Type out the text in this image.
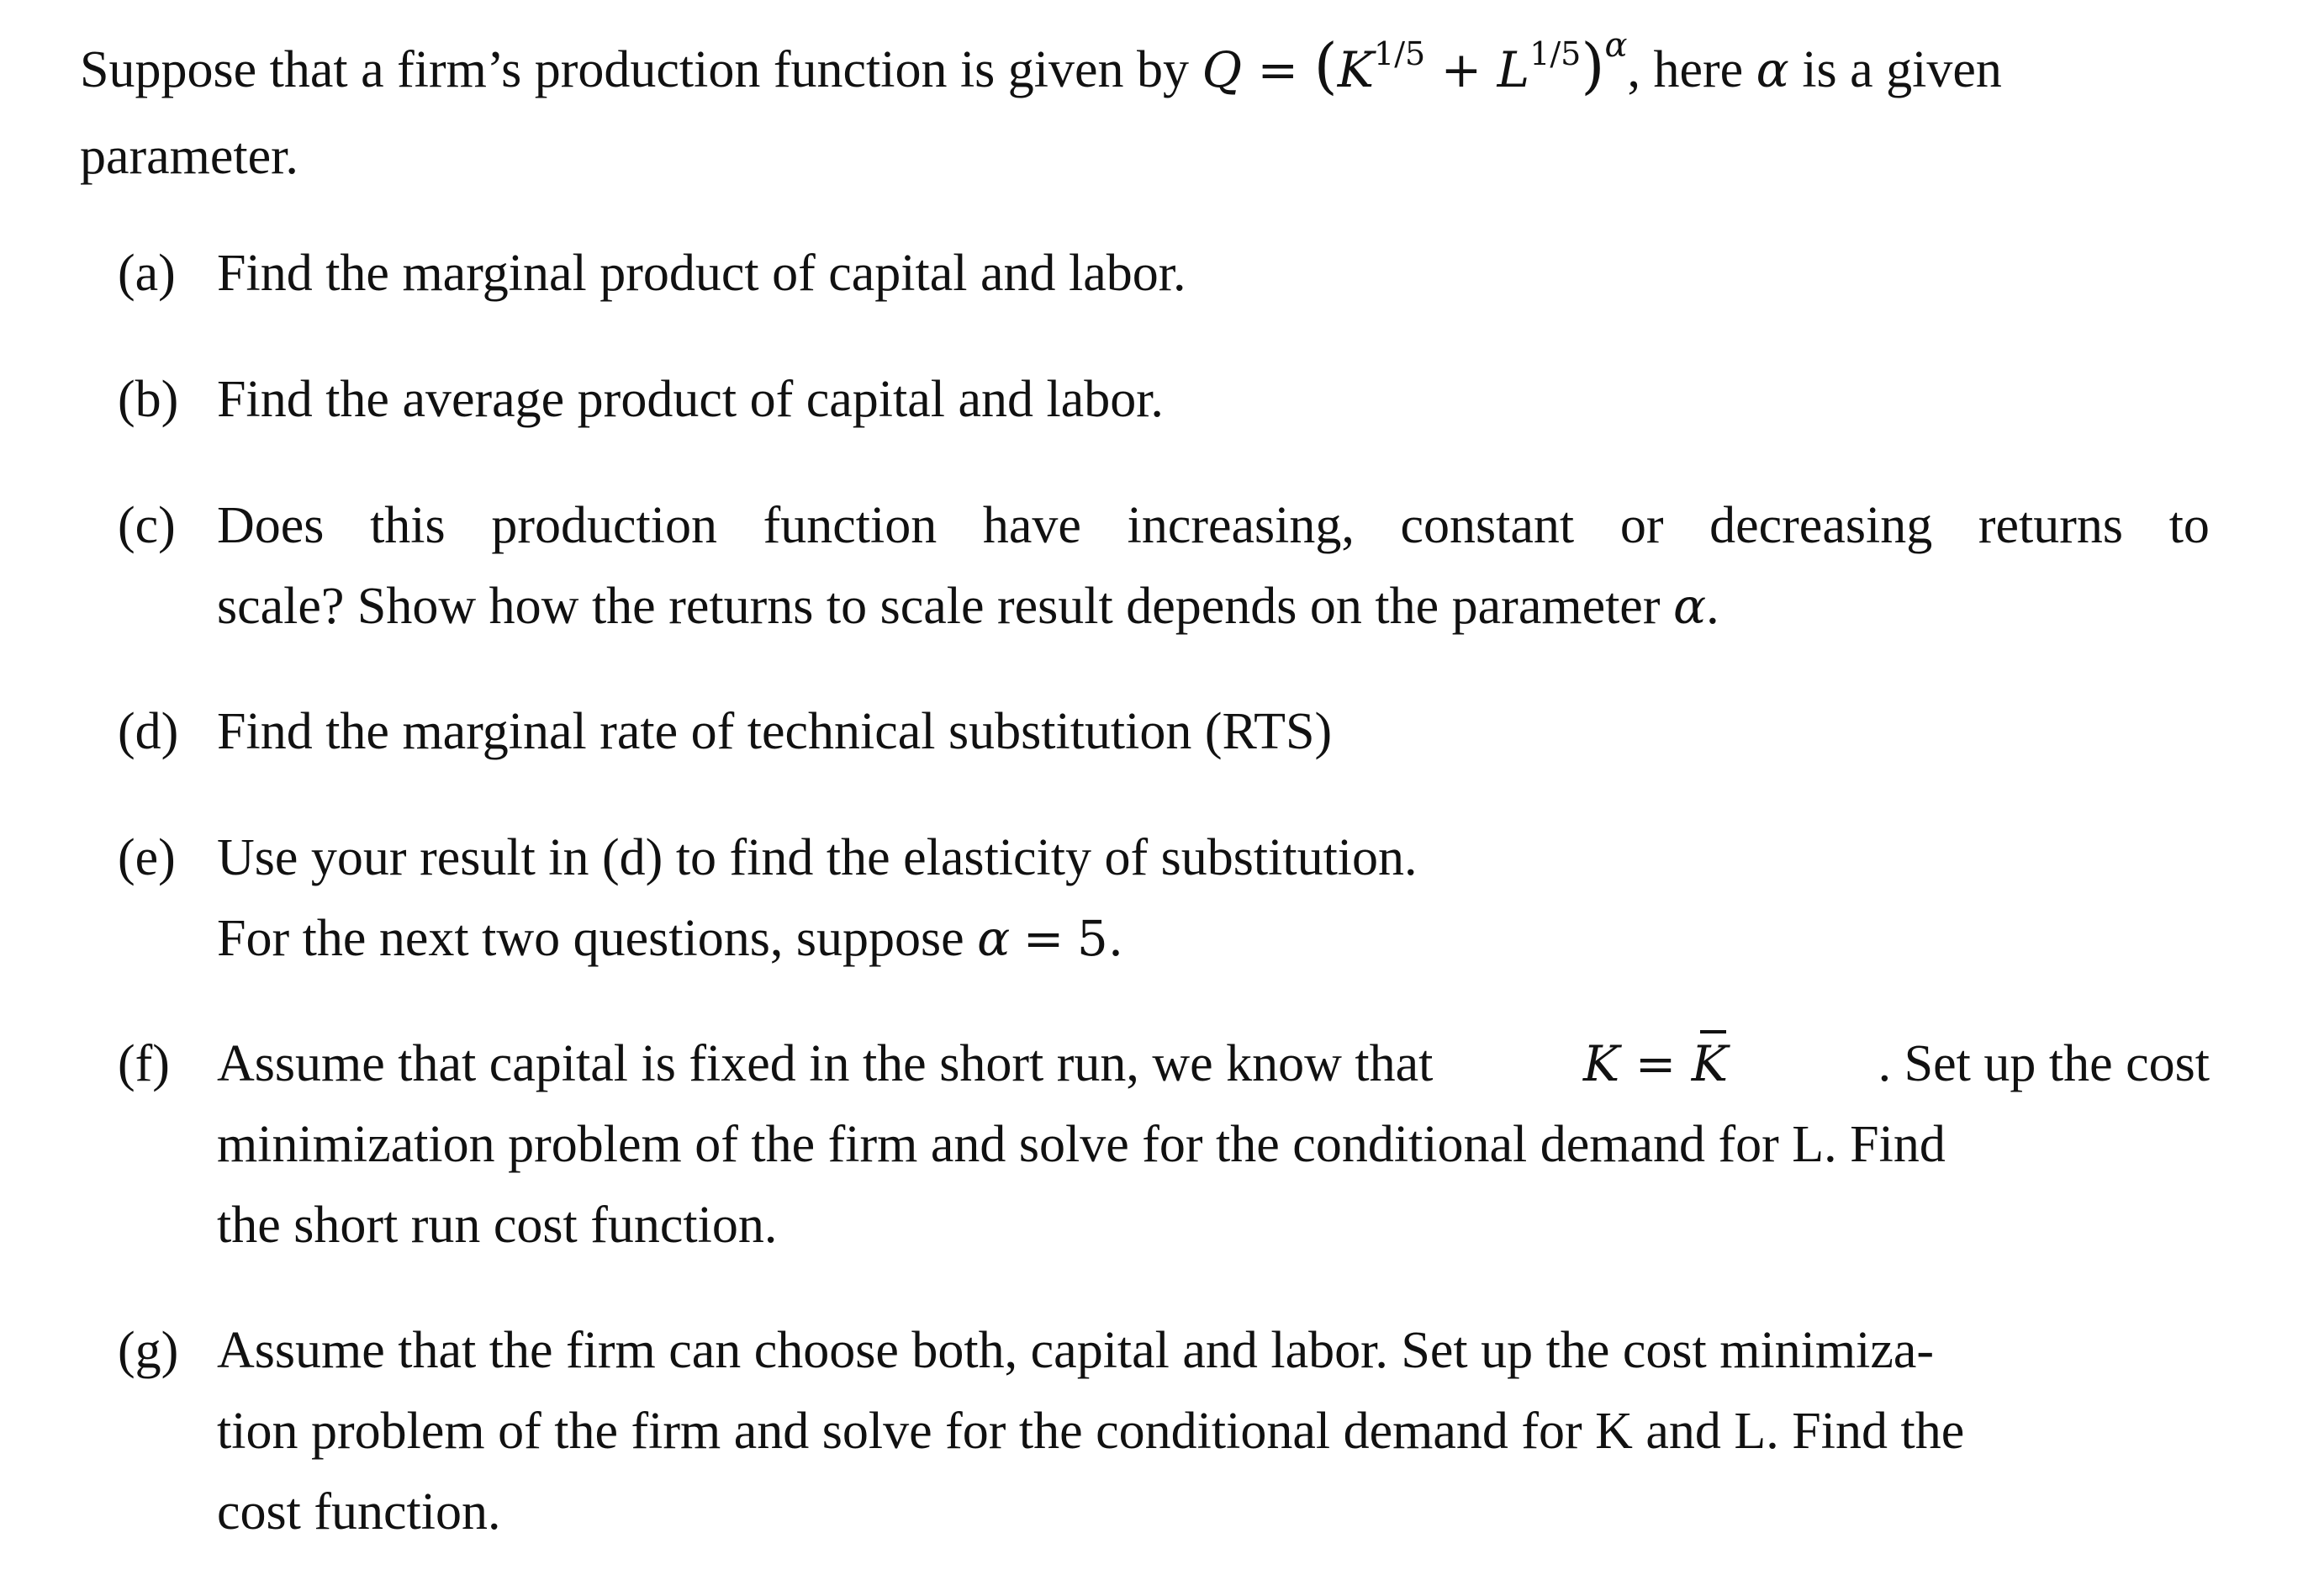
Suppose that a firm’s production function is given by $Q = (K^{1/5} + L^{1/5})^\alpha$, here α is a given
parameter.
(a) Find the marginal product of capital and labor.
(b) Find the average product of capital and labor.
(c) Does this production function have increasing, constant or decreasing returns to
scale? Show how the returns to scale result depends on the parameter α.
(d) Find the marginal rate of technical substitution (RTS)
(e) Use your result in (d) to find the elasticity of substitution.
For the next two questions, suppose α = 5.
(f) Assume that capital is fixed in the short run, we know that	K = K	. Set up the cost
minimization problem of the firm and solve for the conditional demand for L. Find
the short run cost function.
(g) Assume that the firm can choose both, capital and labor. Set up the cost minimiza-
tion problem of the firm and solve for the conditional demand for K and L. Find the
cost function.
